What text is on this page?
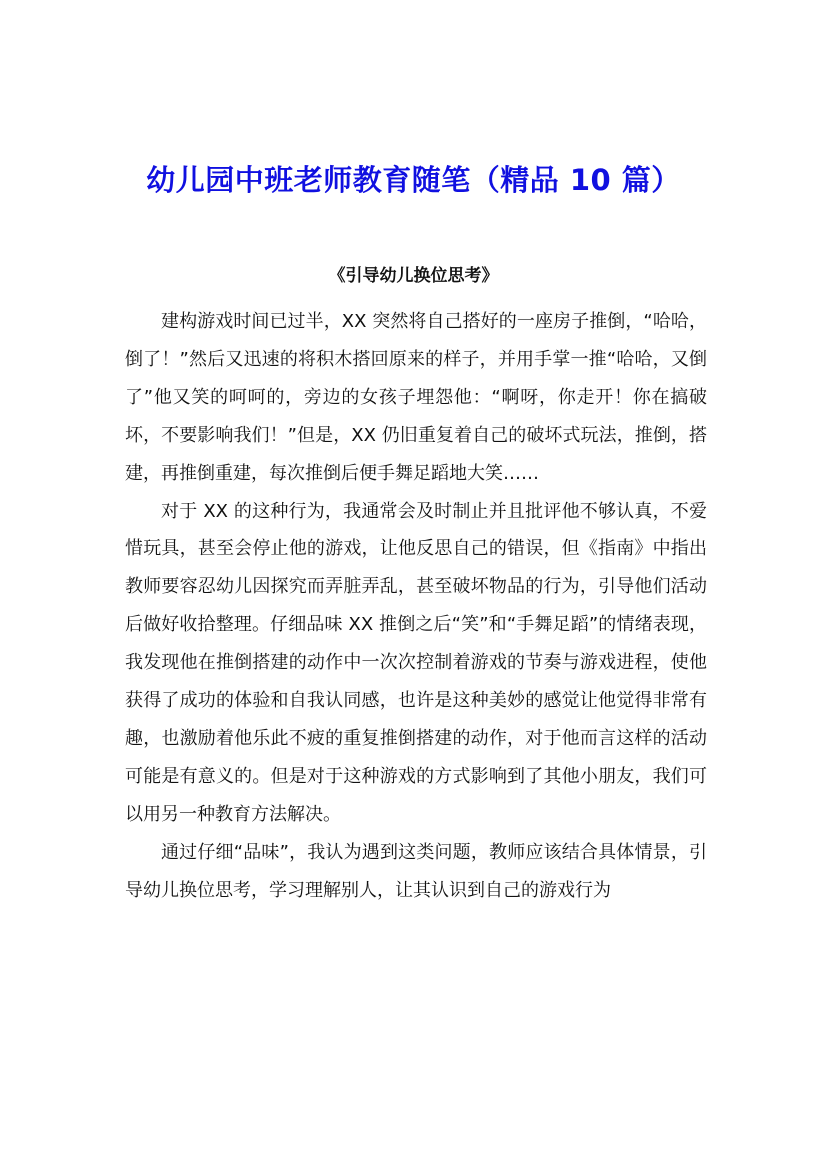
幼儿园中班老师教育随笔（精品 10 篇）
《引导幼儿换位思考》

建构游戏时间已过半，XX 突然将自己搭好的一座房子推倒，“哈哈，倒了！”然后又迅速的将积木搭回原来的样子，并用手掌一推“哈哈，又倒了”他又笑的呵呵的，旁边的女孩子埋怨他：“啊呀，你走开！你在搞破坏，不要影响我们！”但是，XX 仍旧重复着自己的破坏式玩法，推倒，搭建，再推倒重建，每次推倒后便手舞足蹈地大笑……

对于 XX 的这种行为，我通常会及时制止并且批评他不够认真，不爱惜玩具，甚至会停止他的游戏，让他反思自己的错误，但《指南》中指出教师要容忍幼儿因探究而弄脏弄乱，甚至破坏物品的行为，引导他们活动后做好收拾整理。仔细品味 XX 推倒之后“笑”和“手舞足蹈”的情绪表现，我发现他在推倒搭建的动作中一次次控制着游戏的节奏与游戏进程，使他获得了成功的体验和自我认同感，也许是这种美妙的感觉让他觉得非常有趣，也激励着他乐此不疲的重复推倒搭建的动作，对于他而言这样的活动可能是有意义的。但是对于这种游戏的方式影响到了其他小朋友，我们可以用另一种教育方法解决。

通过仔细“品味”，我认为遇到这类问题，教师应该结合具体情景，引导幼儿换位思考，学习理解别人，让其认识到自己的游戏行为
